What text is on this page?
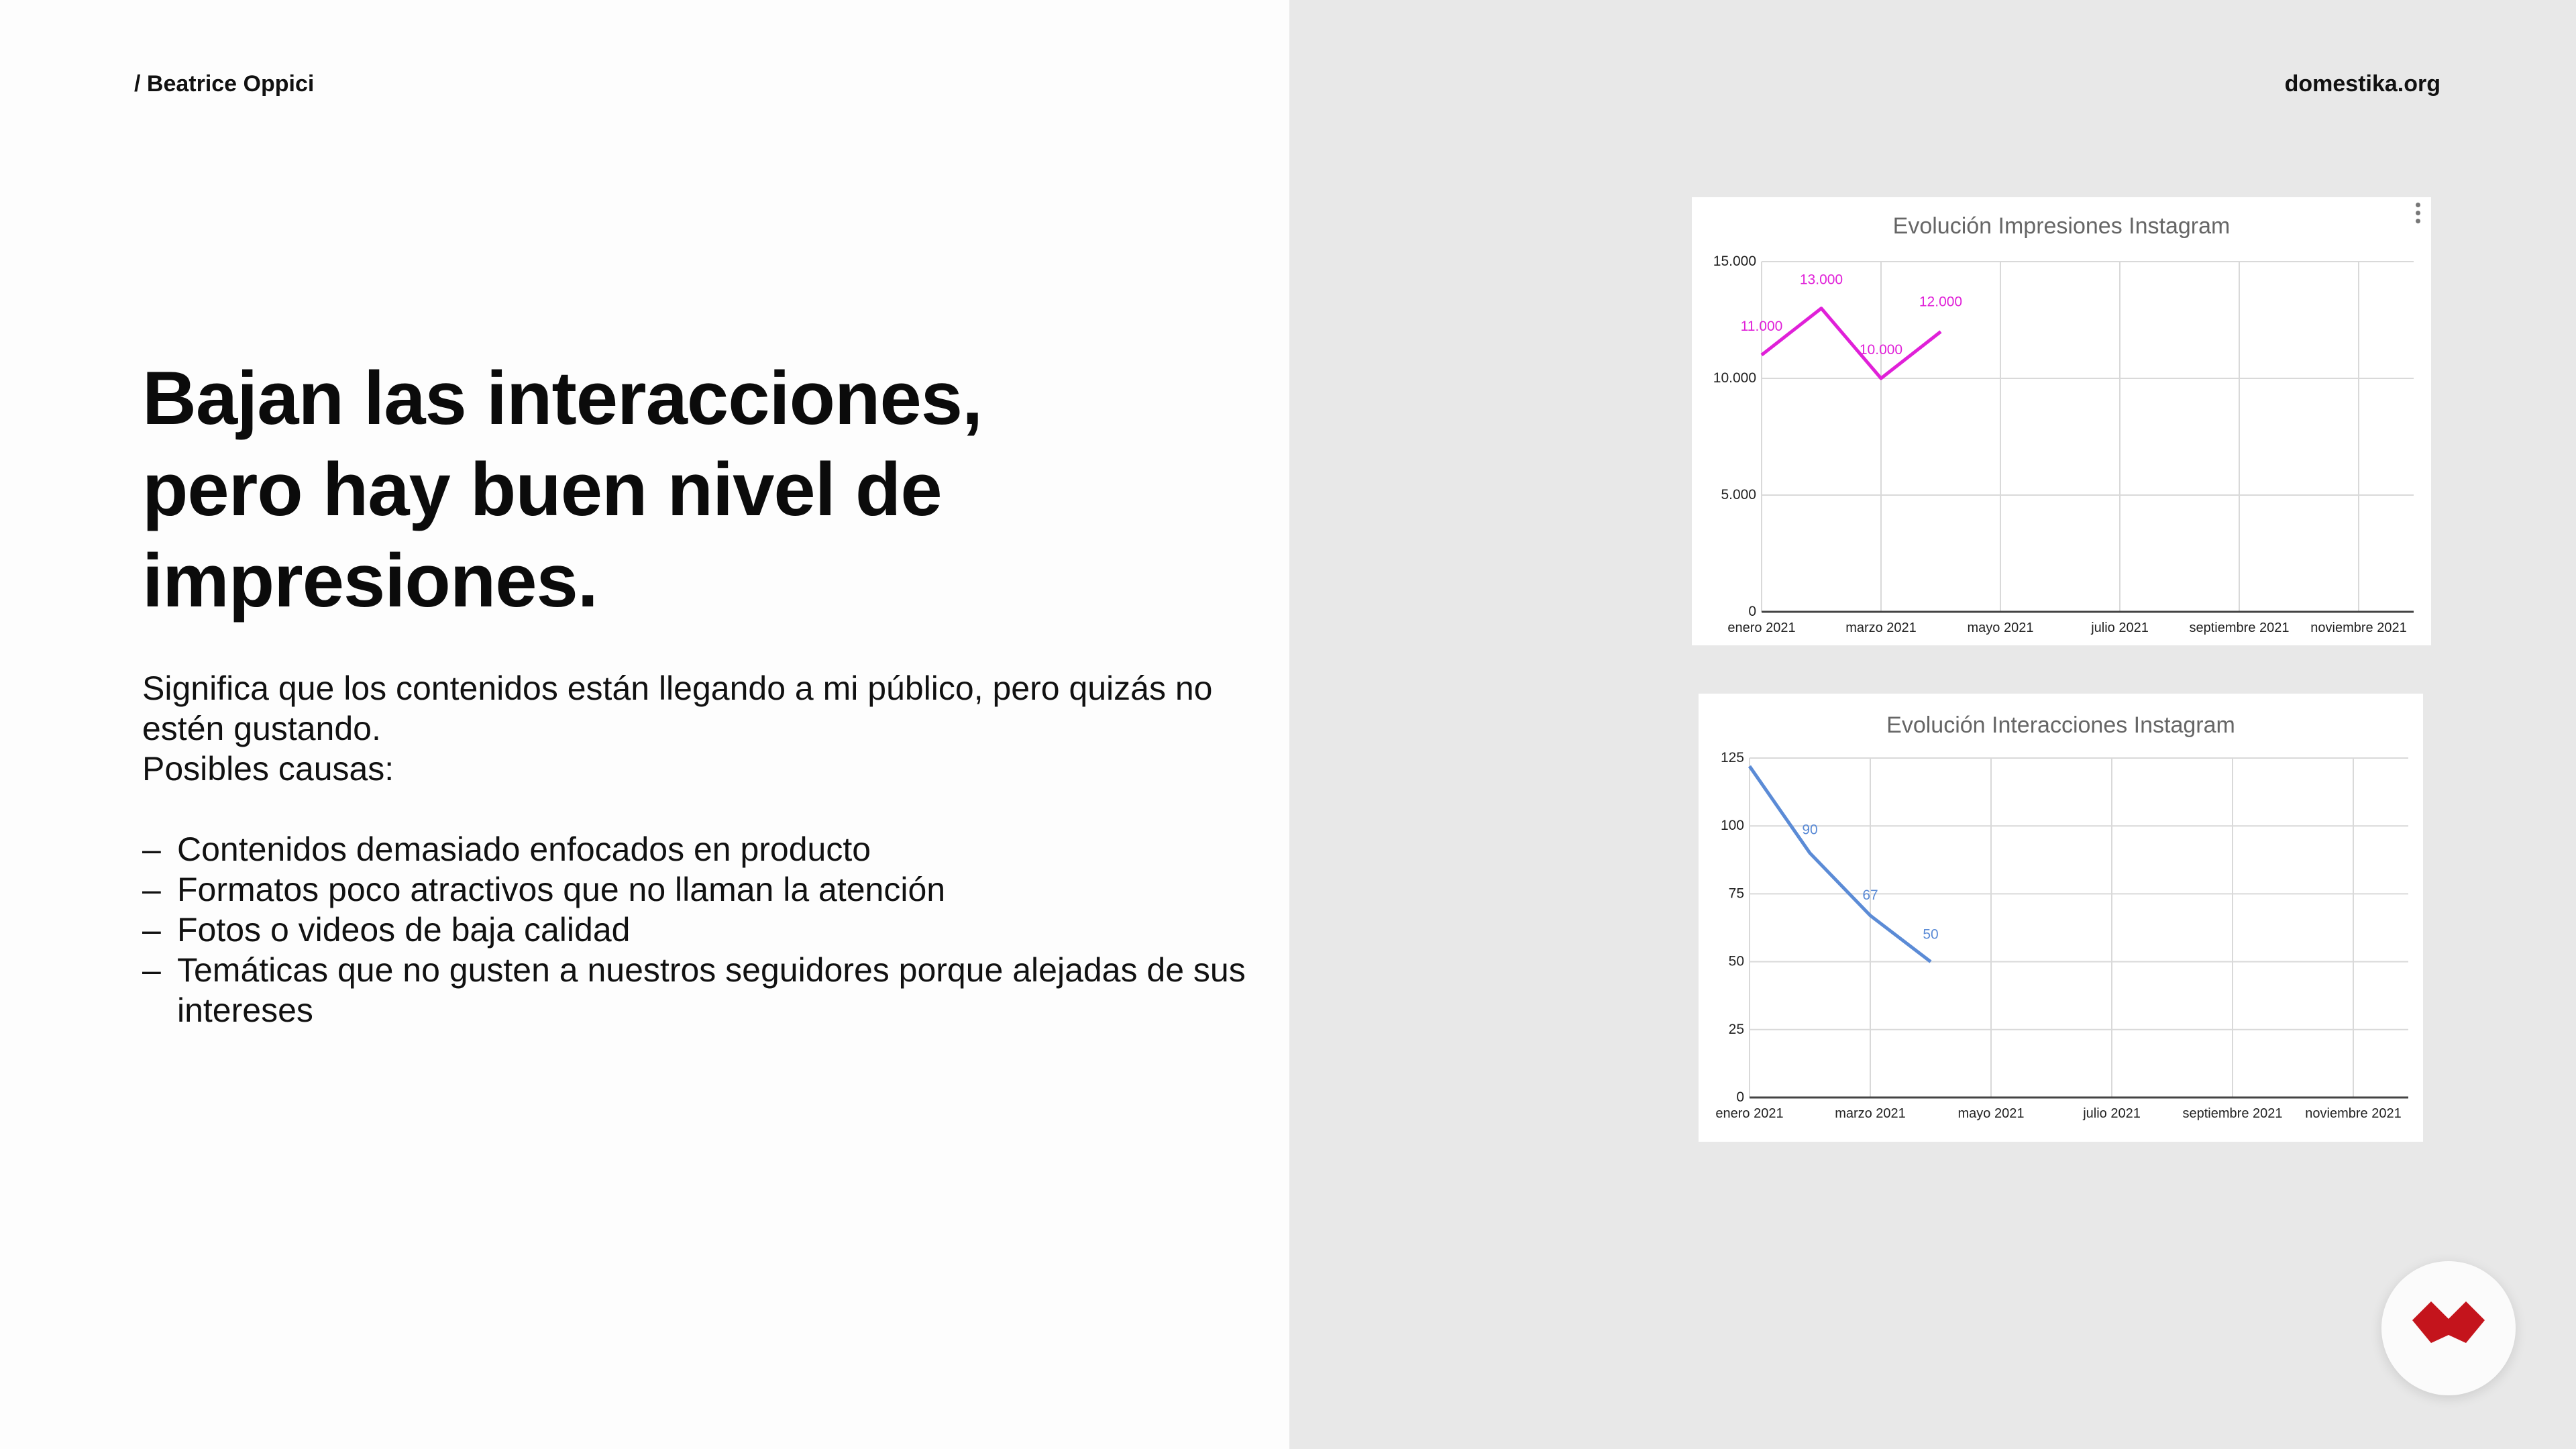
/ Beatrice Oppici
Bajan las interacciones,
pero hay buen nivel de
impresiones.

Significa que los contenidos están llegando a mi público, pero quizás no

estén gustando.

Posibles causas:

– Contenidos demasiado enfocados en producto
– Formatos poco atractivos que no llaman la atención
– Fotos o videos de baja calidad
– Temáticas que no gusten a nuestros seguidores porque alejadas de sus intereses
domestika.org
Evolución Impresiones Instagram
0
5.000
10.000
15.000
enero 2021	marzo 2021	mayo 2021	julio 2021	septiembre 2021 noviembre 2021
11.000
13.000
10.000
12.000
Evolución Interacciones Instagram
0
25
50
75
100
125
enero 2021	marzo 2021	mayo 2021	julio 2021	septiembre 2021 noviembre 2021
90
67
50
